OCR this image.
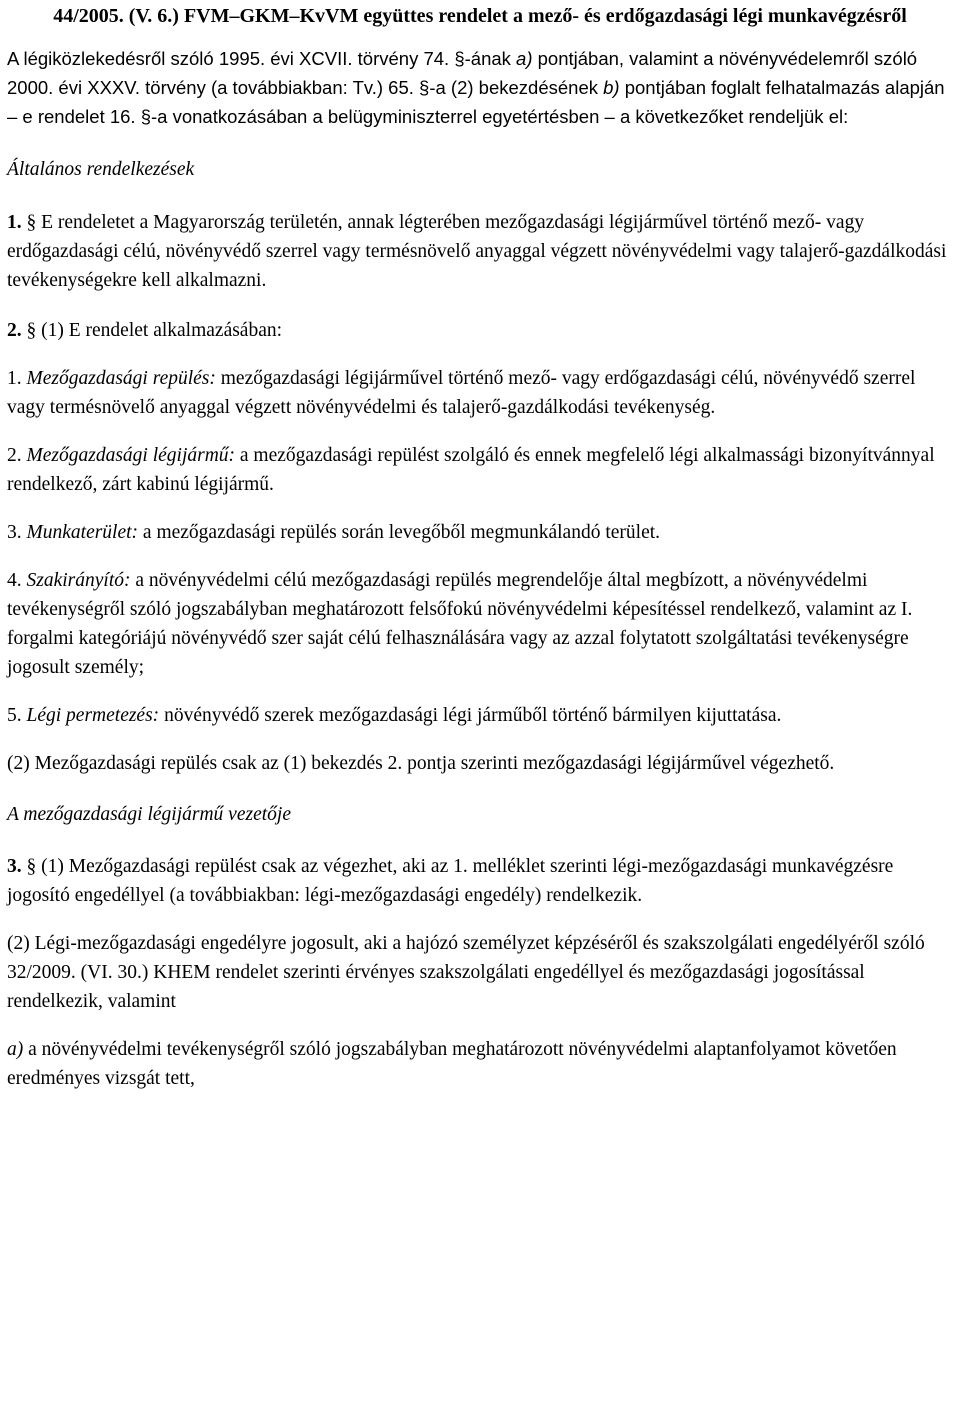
44/2005. (V. 6.) FVM–GKM–KvVM együttes rendelet a mező- és erdőgazdasági légi munkavégzésről

A légiközlekedésről szóló 1995. évi XCVII. törvény 74. §-ának a) pontjában, valamint a növényvédelemről szóló 2000. évi XXXV. törvény (a továbbiakban: Tv.) 65. §-a (2) bekezdésének b) pontjában foglalt felhatalmazás alapján – e rendelet 16. §-a vonatkozásában a belügyminiszterrel egyetértésben – a következőket rendeljük el:

Általános rendelkezések

1. § E rendeletet a Magyarország területén, annak légterében mezőgazdasági légijárművel történő mező- vagy erdőgazdasági célú, növényvédő szerrel vagy termésnövelő anyaggal végzett növényvédelmi vagy talajerő-gazdálkodási tevékenységekre kell alkalmazni.

2. § (1) E rendelet alkalmazásában:

1. Mezőgazdasági repülés: mezőgazdasági légijárművel történő mező- vagy erdőgazdasági célú, növényvédő szerrel vagy termésnövelő anyaggal végzett növényvédelmi és talajerő-gazdálkodási tevékenység.

2. Mezőgazdasági légijármű: a mezőgazdasági repülést szolgáló és ennek megfelelő légi alkalmassági bizonyítvánnyal rendelkező, zárt kabinú légijármű.

3. Munkaterület: a mezőgazdasági repülés során levegőből megmunkálandó terület.

4. Szakirányító: a növényvédelmi célú mezőgazdasági repülés megrendelője által megbízott, a növényvédelmi tevékenységről szóló jogszabályban meghatározott felsőfokú növényvédelmi képesítéssel rendelkező, valamint az I. forgalmi kategóriájú növényvédő szer saját célú felhasználására vagy az azzal folytatott szolgáltatási tevékenységre jogosult személy;

5. Légi permetezés: növényvédő szerek mezőgazdasági légi járműből történő bármilyen kijuttatása.

(2) Mezőgazdasági repülés csak az (1) bekezdés 2. pontja szerinti mezőgazdasági légijárművel végezhető.

A mezőgazdasági légijármű vezetője

3. § (1) Mezőgazdasági repülést csak az végezhet, aki az 1. melléklet szerinti légi-mezőgazdasági munkavégzésre jogosító engedéllyel (a továbbiakban: légi-mezőgazdasági engedély) rendelkezik.

(2) Légi-mezőgazdasági engedélyre jogosult, aki a hajózó személyzet képzéséről és szakszolgálati engedélyéről szóló 32/2009. (VI. 30.) KHEM rendelet szerinti érvényes szakszolgálati engedéllyel és mezőgazdasági jogosítással rendelkezik, valamint

a) a növényvédelmi tevékenységről szóló jogszabályban meghatározott növényvédelmi alaptanfolyamot követően eredményes vizsgát tett,
